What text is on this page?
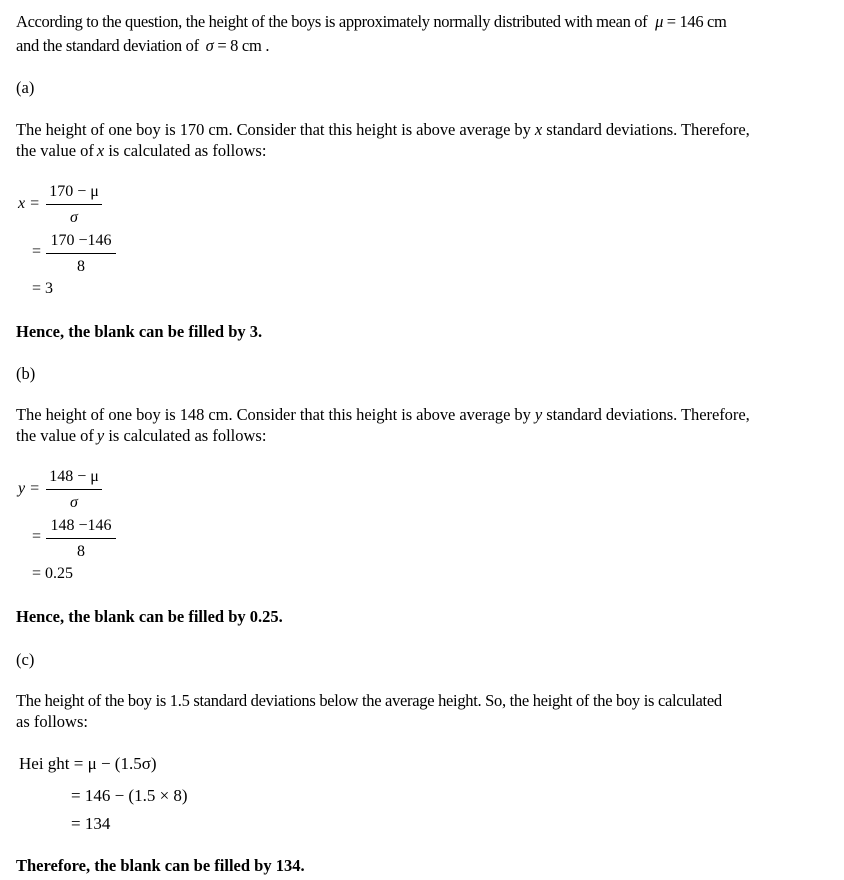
According to the question, the height of the boys is approximately normally distributed with mean of μ = 146 cm
and the standard deviation of σ = 8 cm .
(a)
The height of one boy is 170 cm. Consider that this height is above average by x standard deviations. Therefore,
the value of x is calculated as follows:
x =
170 − μ
σ
=
170 −146
8
= 3
Hence, the blank can be filled by 3.
(b)
The height of one boy is 148 cm. Consider that this height is above average by y standard deviations. Therefore,
the value of y is calculated as follows:
y =
148 − μ
σ
=
148 −146
8
= 0.25
Hence, the blank can be filled by 0.25.
(c)
The height of the boy is 1.5 standard deviations below the average height. So, the height of the boy is calculated
as follows:
Hei ght = μ − (1.5σ)
= 146 − (1.5 × 8)
= 134
Therefore, the blank can be filled by 134.
